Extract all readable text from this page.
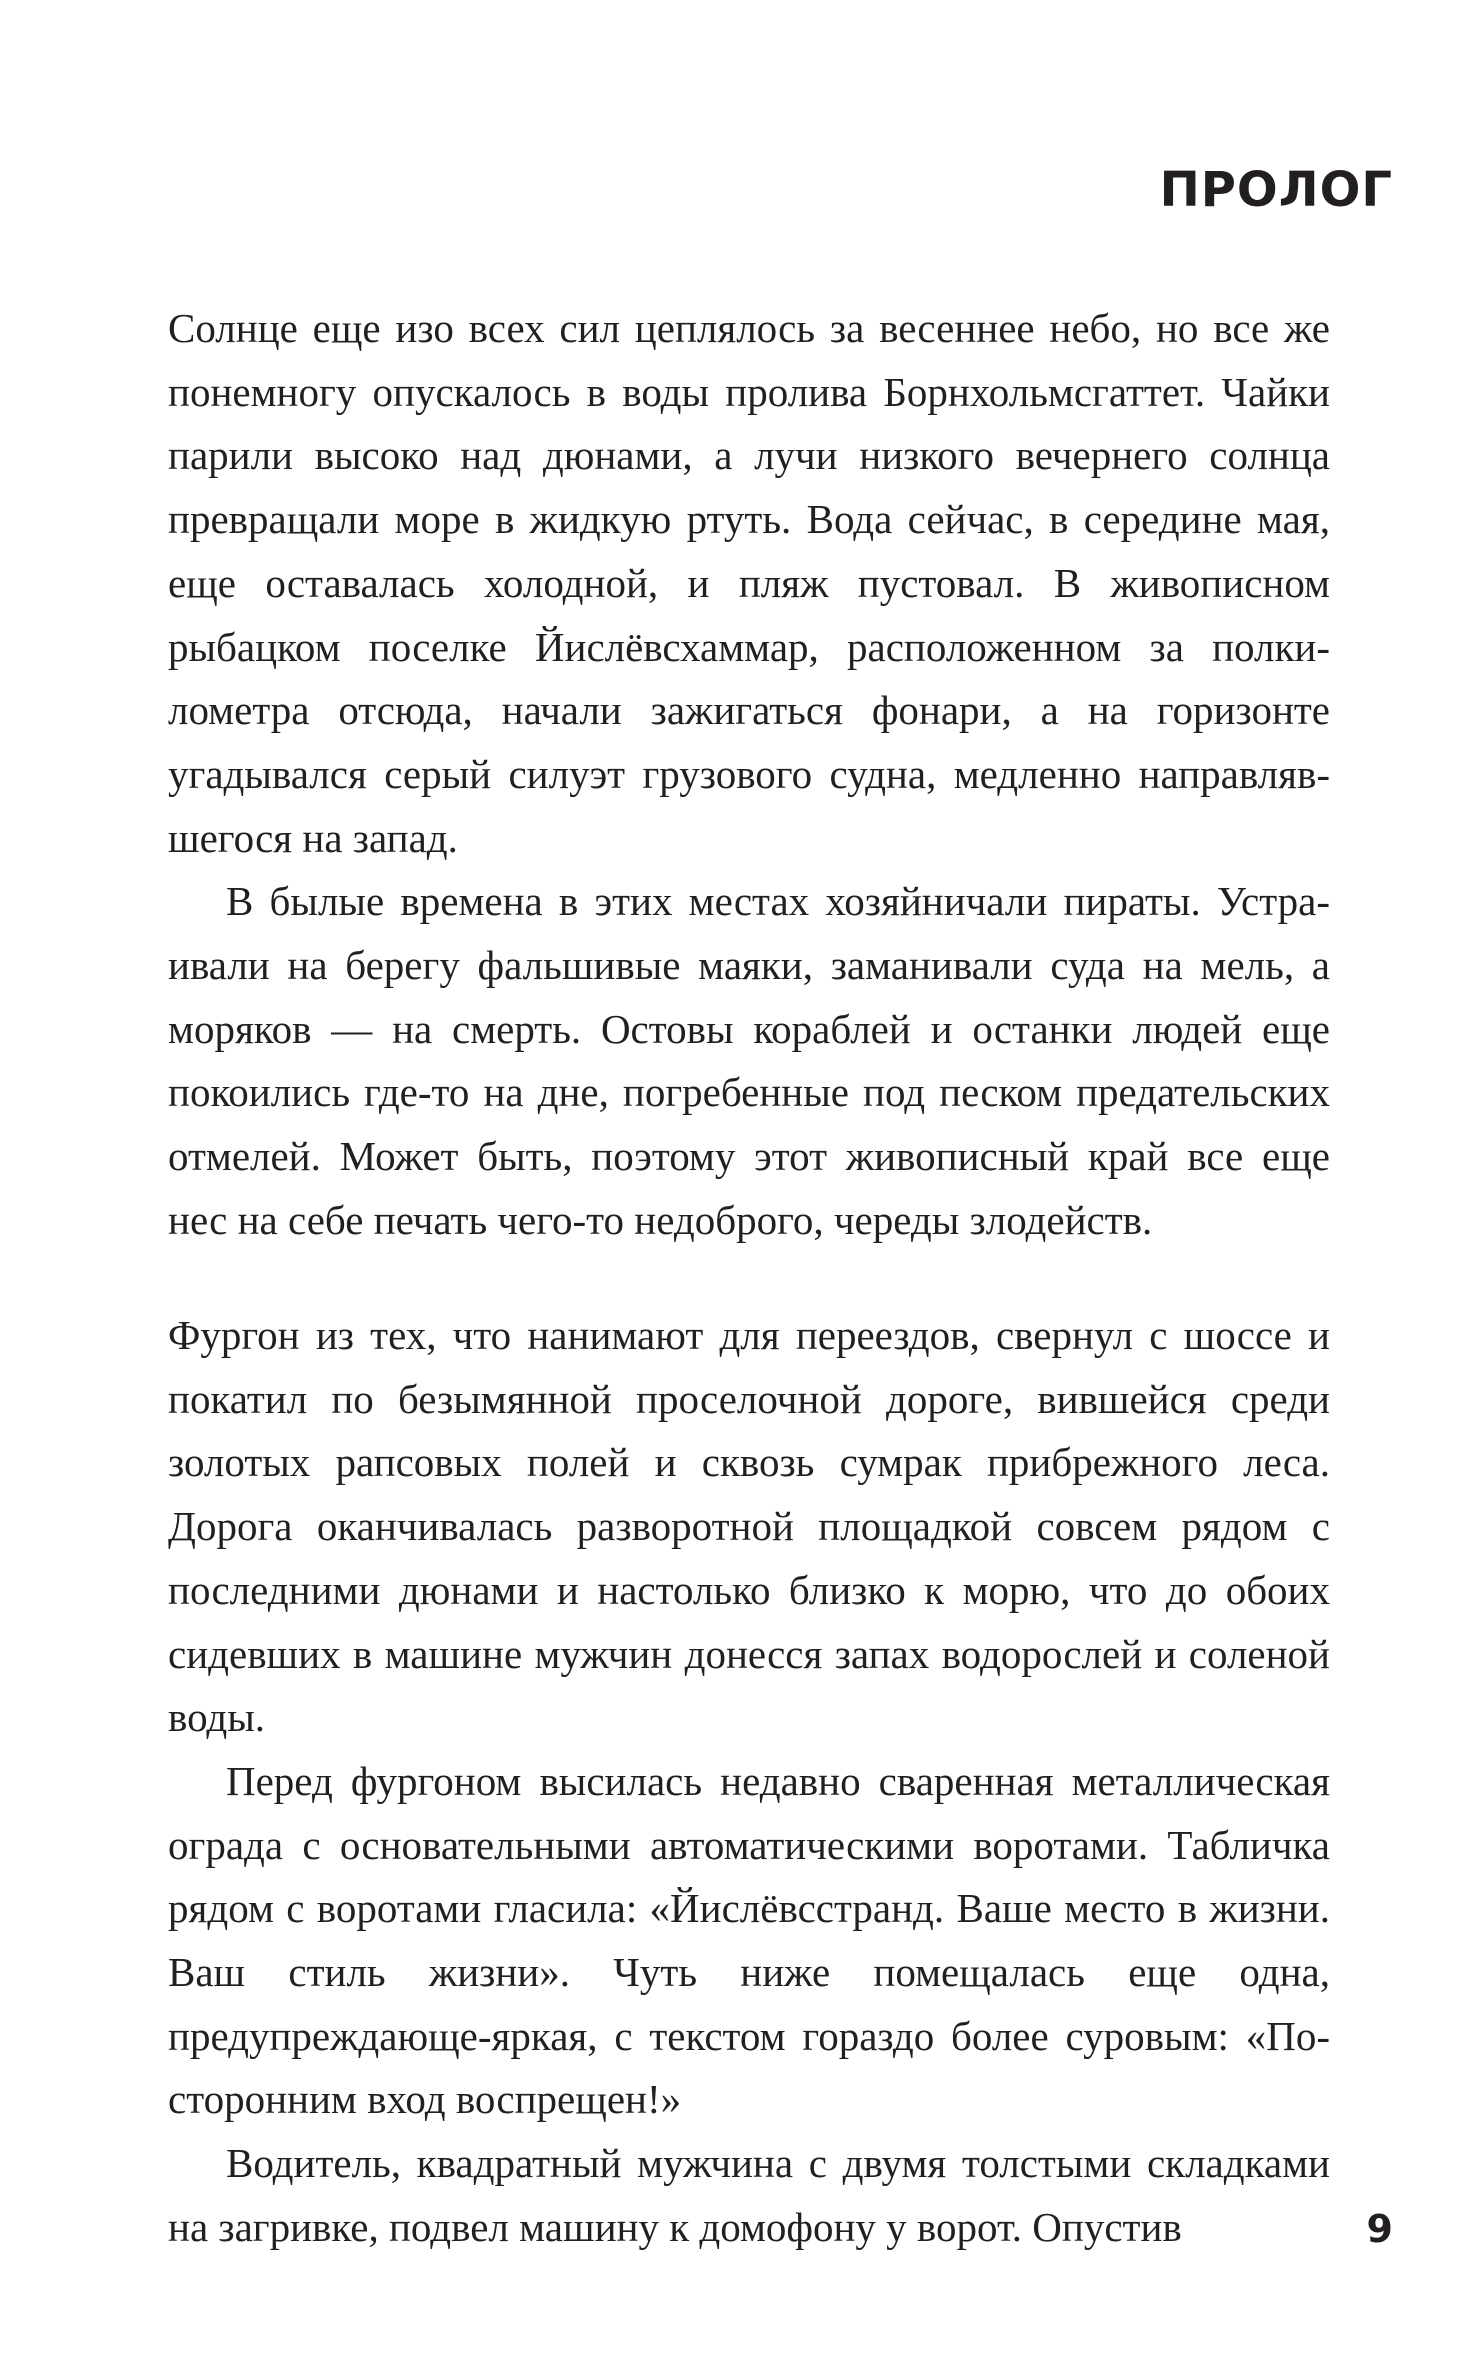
ПРОЛОГ

Солнце еще изо всех сил цеплялось за весеннее небо, но все же понемногу опускалось в воды пролива Борнхольмсгаттет. Чайки парили высоко над дюнами, а лучи низкого вечернего солнца превращали море в жидкую ртуть. Вода сейчас, в середине мая, еще оставалась холодной, и пляж пустовал. В живописном рыбацком поселке Йислёвсхаммар, расположенном за полкилометра отсюда, начали зажигаться фонари, а на горизонте угадывался серый силуэт грузового судна, медленно направлявшегося на запад.

В былые времена в этих местах хозяйничали пираты. Устраивали на берегу фальшивые маяки, заманивали суда на мель, а моряков — на смерть. Остовы кораблей и останки людей еще покоились где-то на дне, погребенные под песком предательских отмелей. Может быть, поэтому этот живописный край все еще нес на себе печать чего-то недоброго, череды злодейств.

Фургон из тех, что нанимают для переездов, свернул с шоссе и покатил по безымянной проселочной дороге, вившейся среди золотых рапсовых полей и сквозь сумрак прибрежного леса. Дорога оканчивалась разворотной площадкой совсем рядом с последними дюнами и настолько близко к морю, что до обоих сидевших в машине мужчин донесся запах водорослей и соленой воды.

Перед фургоном высилась недавно сваренная металлическая ограда с основательными автоматическими воротами. Табличка рядом с воротами гласила: «Йислёвсстранд. Ваше место в жизни. Ваш стиль жизни». Чуть ниже помещалась еще одна, предупреждающе-яркая, с текстом гораздо более суровым: «Посторонним вход воспрещен!»

Водитель, квадратный мужчина с двумя толстыми складками на загривке, подвел машину к домофону у ворот. Опустив	9
